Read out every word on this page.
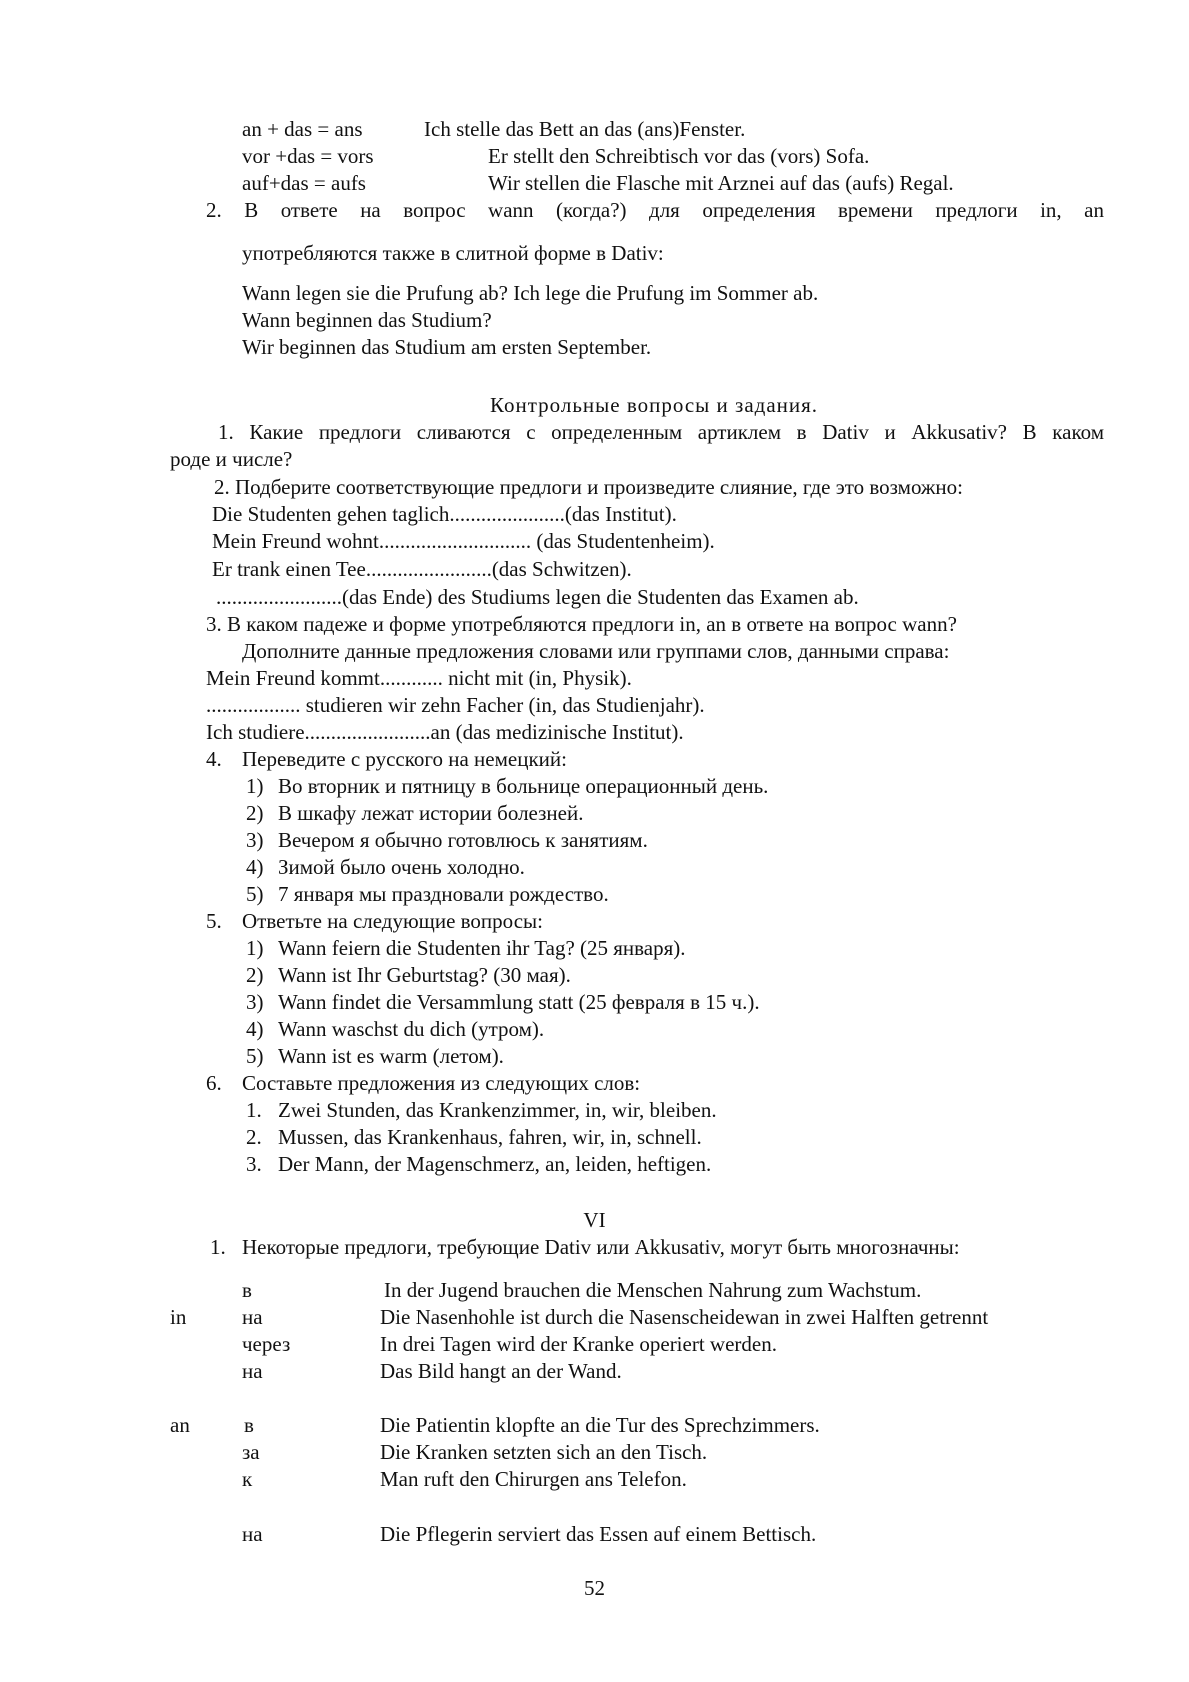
an + das = ans	Ich stelle das Bett an das (ans)Fenster.
vor +das = vors	Er stellt den Schreibtisch vor das (vors) Sofa.
auf+das = aufs	Wir stellen die Flasche mit Arznei auf das (aufs) Regal.
2. В ответе на вопрос wann (когда?) для определения времени предлоги in, an
употребляются также в слитной форме в Dativ:
Wann legen sie die Prufung ab? Ich lege die Prufung im Sommer ab.
Wann beginnen das Studium?
Wir beginnen das Studium am ersten September.
Контрольные вопросы и задания.
1. Какие предлоги сливаются с определенным артиклем в Dativ и Akkusativ? В каком
роде и числе?
2. Подберите соответствующие предлоги и произведите слияние, где это возможно:
Die Studenten gehen taglich......................(das Institut).
Mein Freund wohnt............................. (das Studentenheim).
Er trank einen Tee........................(das Schwitzen).
........................(das Ende) des Studiums legen die Studenten das Examen ab.
3. В каком падеже и форме употребляются предлоги in, an в ответе на вопрос wann?
Дополните данные предложения словами или группами слов, данными справа:
Mein Freund kommt............ nicht mit (in, Physik).
.................. studieren wir zehn Facher (in, das Studienjahr).
Ich studiere........................an (das medizinische Institut).
4. Переведите с русского на немецкий:
1) Во вторник и пятницу в больнице операционный день.
2) В шкафу лежат истории болезней.
3) Вечером я обычно готовлюсь к занятиям.
4) Зимой было очень холодно.
5) 7 января мы праздновали рождество.
5. Ответьте на следующие вопросы:
1) Wann feiern die Studenten ihr Tag? (25 января).
2) Wann ist Ihr Geburtstag? (30 мая).
3) Wann findet die Versammlung statt (25 февраля в 15 ч.).
4) Wann waschst du dich (утром).
5) Wann ist es warm (летом).
6. Составьте предложения из следующих слов:
1. Zwei Stunden, das Krankenzimmer, in, wir, bleiben.
2. Mussen, das Krankenhaus, fahren, wir, in, schnell.
3. Der Mann, der Magenschmerz, an, leiden, heftigen.
VI
1. Некоторые предлоги, требующие Dativ или Akkusativ, могут быть многозначны:
in
в	In der Jugend brauchen die Menschen Nahrung zum Wachstum.
на	Die Nasenhohle ist durch die Nasenscheidewan in zwei Halften getrennt
через	In drei Tagen wird der Kranke operiert werden.
на	Das Bild hangt an der Wand.
an	в	Die Patientin klopfte an die Tur des Sprechzimmers.
за	Die Kranken setzten sich an den Tisch.
к	Man ruft den Chirurgen ans Telefon.
на	Die Pflegerin serviert das Essen auf einem Bettisch.
52
